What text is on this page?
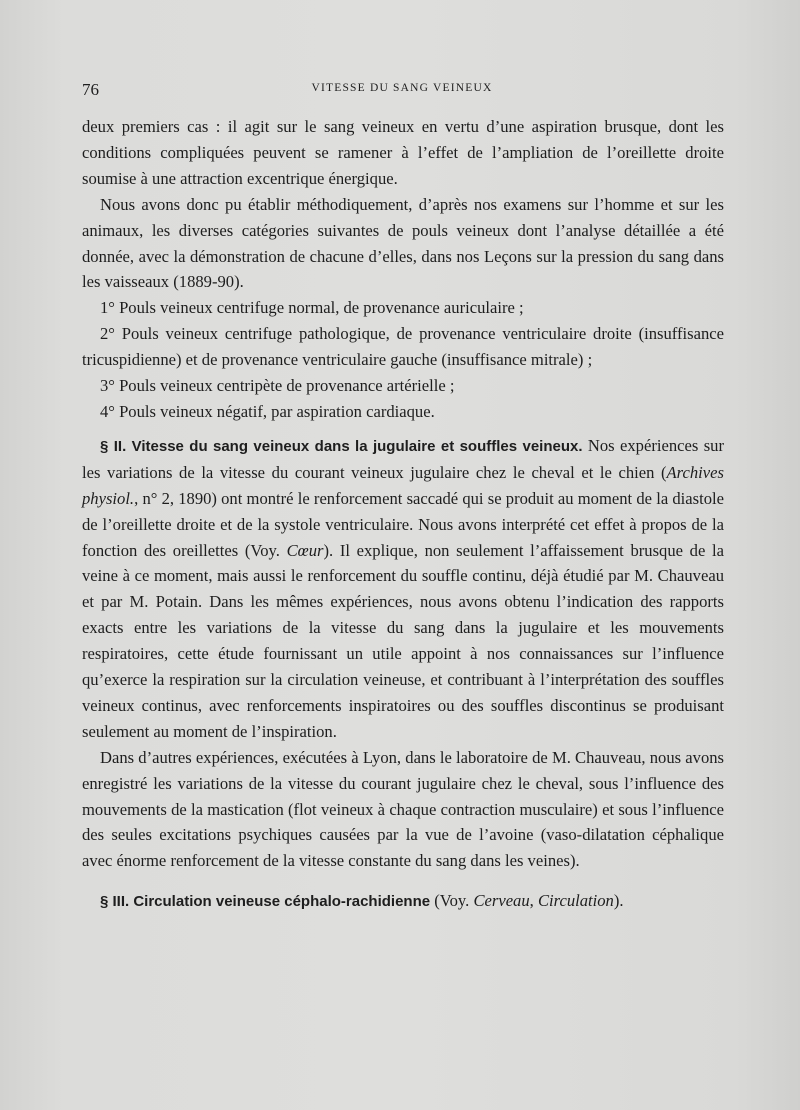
76	VITESSE DU SANG VEINEUX

deux premiers cas : il agit sur le sang veineux en vertu d’une aspiration brusque, dont les conditions compliquées peuvent se ramener à l’effet de l’ampliation de l’oreillette droite soumise à une attraction excentrique énergique.

Nous avons donc pu établir méthodiquement, d’après nos examens sur l’homme et sur les animaux, les diverses catégories suivantes de pouls veineux dont l’analyse détaillée a été donnée, avec la démonstration de chacune d’elles, dans nos Leçons sur la pression du sang dans les vaisseaux (1889-90).

1° Pouls veineux centrifuge normal, de provenance auriculaire ;

2° Pouls veineux centrifuge pathologique, de provenance ventriculaire droite (insuffisance tricuspidienne) et de provenance ventriculaire gauche (insuffisance mitrale) ;

3° Pouls veineux centripète de provenance artérielle ;

4° Pouls veineux négatif, par aspiration cardiaque.

§ II. Vitesse du sang veineux dans la jugulaire et souffles veineux. Nos expériences sur les variations de la vitesse du courant veineux jugulaire chez le cheval et le chien (Archives physiol., n° 2, 1890) ont montré le renforcement saccadé qui se produit au moment de la diastole de l’oreillette droite et de la systole ventriculaire. Nous avons interprété cet effet à propos de la fonction des oreillettes (Voy. Cœur). Il explique, non seulement l’affaissement brusque de la veine à ce moment, mais aussi le renforcement du souffle continu, déjà étudié par M. Chauveau et par M. Potain. Dans les mêmes expériences, nous avons obtenu l’indication des rapports exacts entre les variations de la vitesse du sang dans la jugulaire et les mouvements respiratoires, cette étude fournissant un utile appoint à nos connaissances sur l’influence qu’exerce la respiration sur la circulation veineuse, et contribuant à l’interprétation des souffles veineux continus, avec renforcements inspiratoires ou des souffles discontinus se produisant seulement au moment de l’inspiration.

Dans d’autres expériences, exécutées à Lyon, dans le laboratoire de M. Chauveau, nous avons enregistré les variations de la vitesse du courant jugulaire chez le cheval, sous l’influence des mouvements de la mastication (flot veineux à chaque contraction musculaire) et sous l’influence des seules excitations psychiques causées par la vue de l’avoine (vaso-dilatation céphalique avec énorme renforcement de la vitesse constante du sang dans les veines).

§ III. Circulation veineuse céphalo-rachidienne (Voy. Cerveau, Circulation).
